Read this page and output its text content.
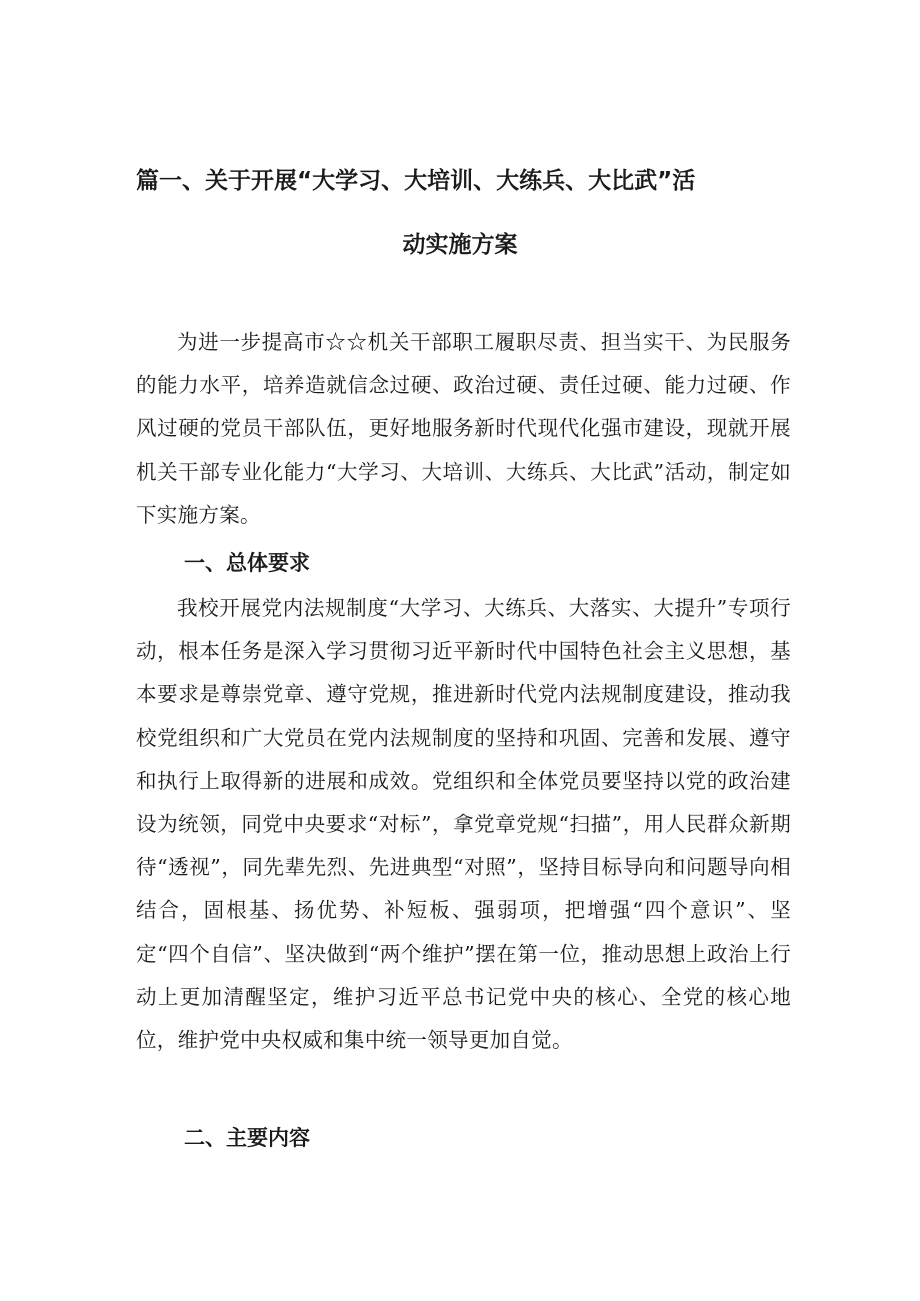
篇一、关于开展“大学习、大培训、大练兵、大比武”活
动实施方案

为进一步提高市☆☆机关干部职工履职尽责、担当实干、为民服务的能力水平，培养造就信念过硬、政治过硬、责任过硬、能力过硬、作风过硬的党员干部队伍，更好地服务新时代现代化强市建设，现就开展机关干部专业化能力“大学习、大培训、大练兵、大比武”活动，制定如下实施方案。

一、总体要求

我校开展党内法规制度“大学习、大练兵、大落实、大提升”专项行动，根本任务是深入学习贯彻习近平新时代中国特色社会主义思想，基本要求是尊崇党章、遵守党规，推进新时代党内法规制度建设，推动我校党组织和广大党员在党内法规制度的坚持和巩固、完善和发展、遵守和执行上取得新的进展和成效。党组织和全体党员要坚持以党的政治建设为统领，同党中央要求“对标”，拿党章党规“扫描”，用人民群众新期待“透视”，同先辈先烈、先进典型“对照”，坚持目标导向和问题导向相结合，固根基、扬优势、补短板、强弱项，把增强“四个意识”、坚定“四个自信”、坚决做到“两个维护”摆在第一位，推动思想上政治上行动上更加清醒坚定，维护习近平总书记党中央的核心、全党的核心地位，维护党中央权威和集中统一领导更加自觉。

二、主要内容
